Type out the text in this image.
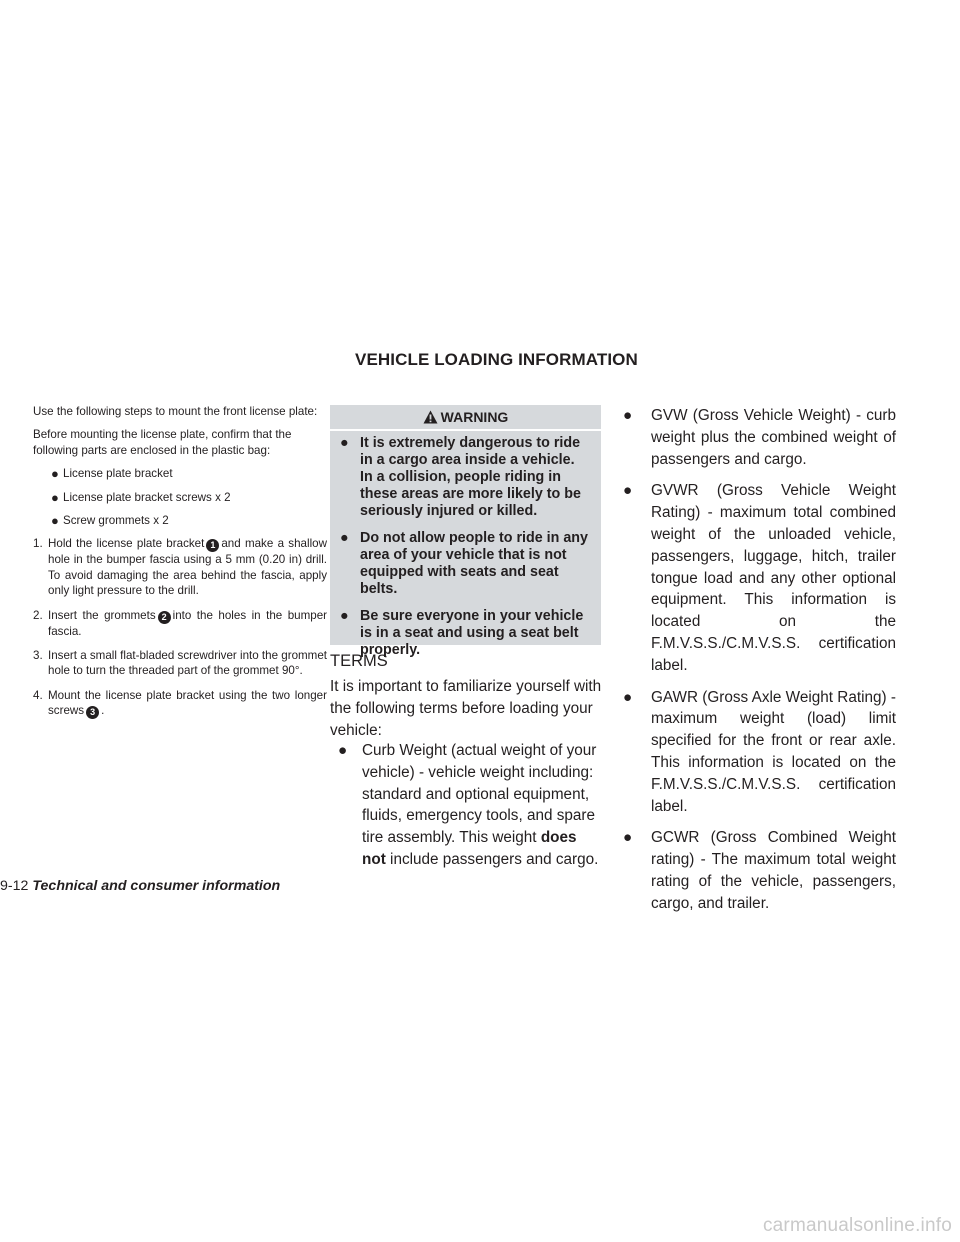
VEHICLE LOADING INFORMATION

Use the following steps to mount the front license plate:

Before mounting the license plate, confirm that the following parts are enclosed in the plastic bag:

● License plate bracket
● License plate bracket screws x 2
● Screw grommets x 2
1. Hold the license plate bracket 1 and make a shallow hole in the bumper fascia using a 5 mm (0.20 in) drill. To avoid damaging the area behind the fascia, apply only light pressure to the drill.
2. Insert the grommets 2 into the holes in the bumper fascia.
3. Insert a small flat-bladed screwdriver into the grommet hole to turn the threaded part of the grommet 90°.
4. Mount the license plate bracket using the two longer screws 3 .
WARNING
● It is extremely dangerous to ride in a cargo area inside a vehicle. In a collision, people riding in these areas are more likely to be seriously injured or killed.
● Do not allow people to ride in any area of your vehicle that is not equipped with seats and seat belts.
● Be sure everyone in your vehicle is in a seat and using a seat belt properly.
TERMS
It is important to familiarize yourself with the following terms before loading your vehicle:
● Curb Weight (actual weight of your vehicle) - vehicle weight including: standard and optional equipment, fluids, emergency tools, and spare tire assembly. This weight does not include passengers and cargo.
● GVW (Gross Vehicle Weight) - curb weight plus the combined weight of passengers and cargo.
● GVWR (Gross Vehicle Weight Rating) - maximum total combined weight of the unloaded vehicle, passengers, luggage, hitch, trailer tongue load and any other optional equipment. This information is located on the F.M.V.S.S./C.M.V.S.S. certification label.
● GAWR (Gross Axle Weight Rating) - maximum weight (load) limit specified for the front or rear axle. This information is located on the F.M.V.S.S./C.M.V.S.S. certification label.
● GCWR (Gross Combined Weight rating) - The maximum total weight rating of the vehicle, passengers, cargo, and trailer.
9-12 Technical and consumer information
carmanualsonline.info
